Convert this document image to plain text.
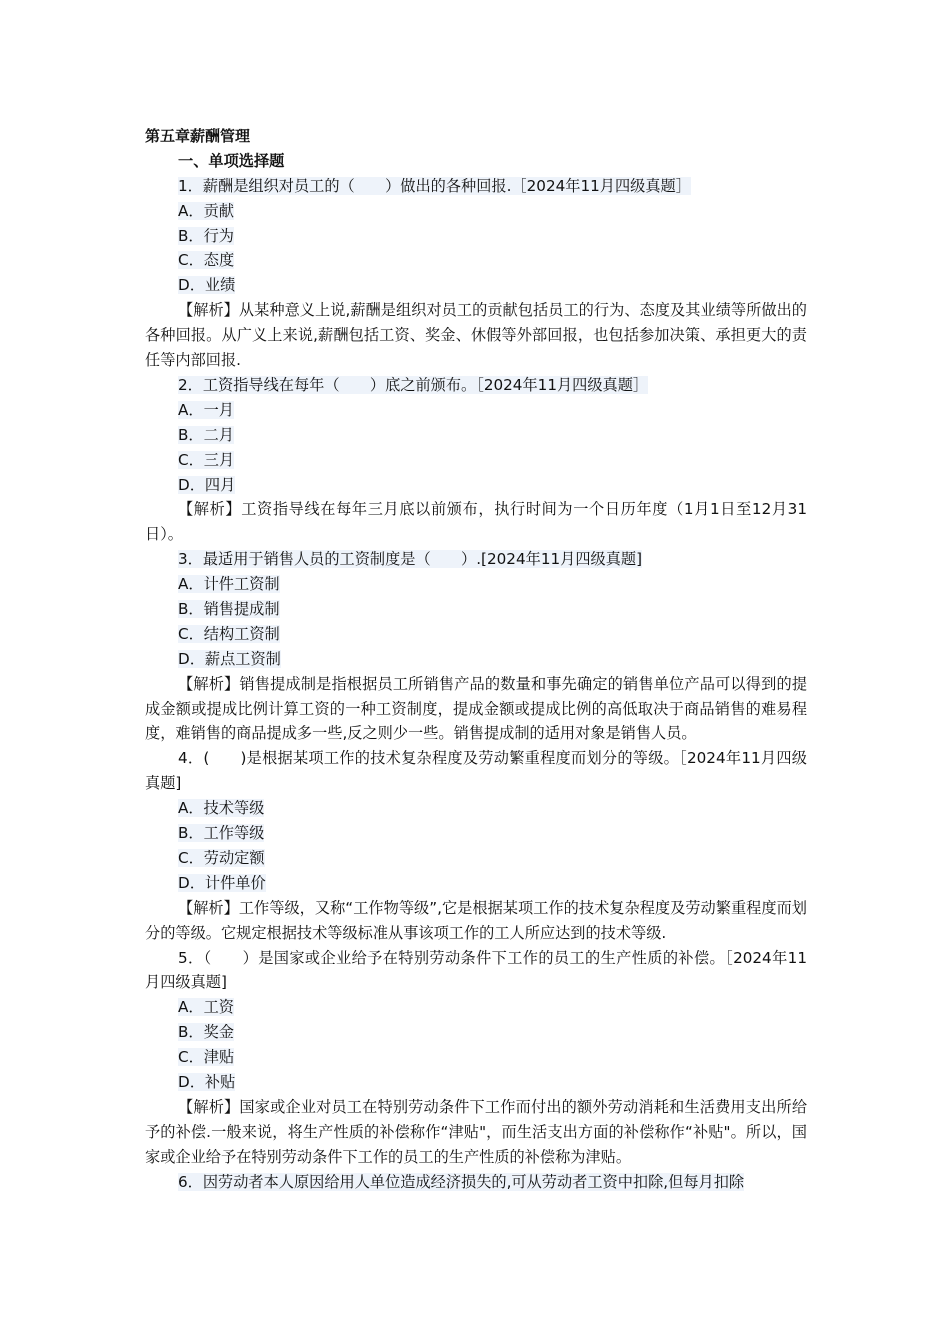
第五章薪酬管理
一、单项选择题
1．薪酬是组织对员工的（　　）做出的各种回报.［2024年11月四级真题］
A．贡献
B．行为
C．态度
D．业绩
【解析】从某种意义上说,薪酬是组织对员工的贡献包括员工的行为、态度及其业绩等所做出的各种回报。从广义上来说,薪酬包括工资、奖金、休假等外部回报，也包括参加决策、承担更大的责任等内部回报.
2．工资指导线在每年（　　）底之前颁布。［2024年11月四级真题］
A．一月
B．二月
C．三月
D．四月
【解析】工资指导线在每年三月底以前颁布，执行时间为一个日历年度（1月1日至12月31日）。
3．最适用于销售人员的工资制度是（　　）.[2024年11月四级真题]
A．计件工资制
B．销售提成制
C．结构工资制
D．薪点工资制
【解析】销售提成制是指根据员工所销售产品的数量和事先确定的销售单位产品可以得到的提成金额或提成比例计算工资的一种工资制度，提成金额或提成比例的高低取决于商品销售的难易程度，难销售的商品提成多一些,反之则少一些。销售提成制的适用对象是销售人员。
4．(　　)是根据某项工作的技术复杂程度及劳动繁重程度而划分的等级。［2024年11月四级真题]
A．技术等级
B．工作等级
C．劳动定额
D．计件单价
【解析】工作等级，又称“工作物等级”,它是根据某项工作的技术复杂程度及劳动繁重程度而划分的等级。它规定根据技术等级标准从事该项工作的工人所应达到的技术等级.
5．（　　）是国家或企业给予在特别劳动条件下工作的员工的生产性质的补偿。［2024年11月四级真题]
A．工资
B．奖金
C．津贴
D．补贴
【解析】国家或企业对员工在特别劳动条件下工作而付出的额外劳动消耗和生活费用支出所给予的补偿.一般来说，将生产性质的补偿称作“津贴"，而生活支出方面的补偿称作“补贴"。所以，国家或企业给予在特别劳动条件下工作的员工的生产性质的补偿称为津贴。
6．因劳动者本人原因给用人单位造成经济损失的,可从劳动者工资中扣除,但每月扣除
